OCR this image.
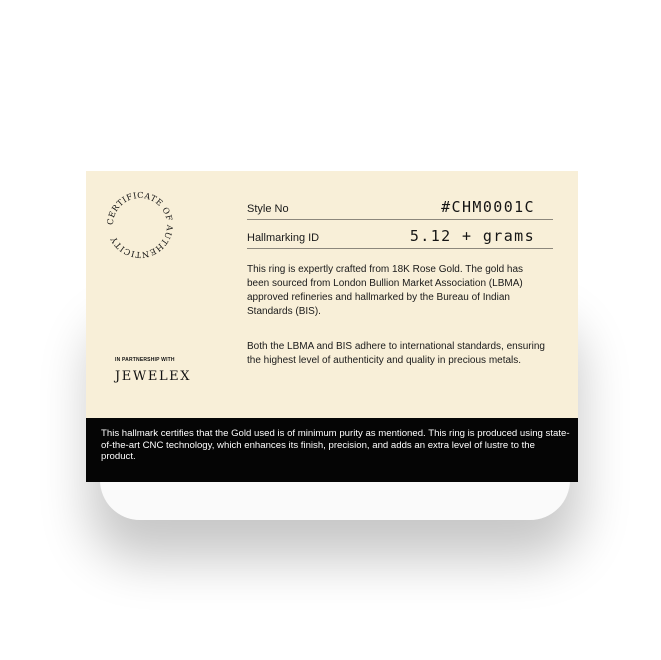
CERTIFICATE OF AUTHENTICITY
IN PARTNERSHIP WITH
JEWELEX
Style No	#CHM0001C
Hallmarking ID	5.12 + grams
This ring is expertly crafted from 18K Rose Gold. The gold has been sourced from London Bullion Market Association (LBMA) approved refineries and hallmarked by the Bureau of Indian Standards (BIS).
Both the LBMA and BIS adhere to international standards, ensuring the highest level of authenticity and quality in precious metals.
This hallmark certifies that the Gold used is of minimum purity as mentioned. This ring is produced using state-of-the-art CNC technology, which enhances its finish, precision, and adds an extra level of lustre to the product.
